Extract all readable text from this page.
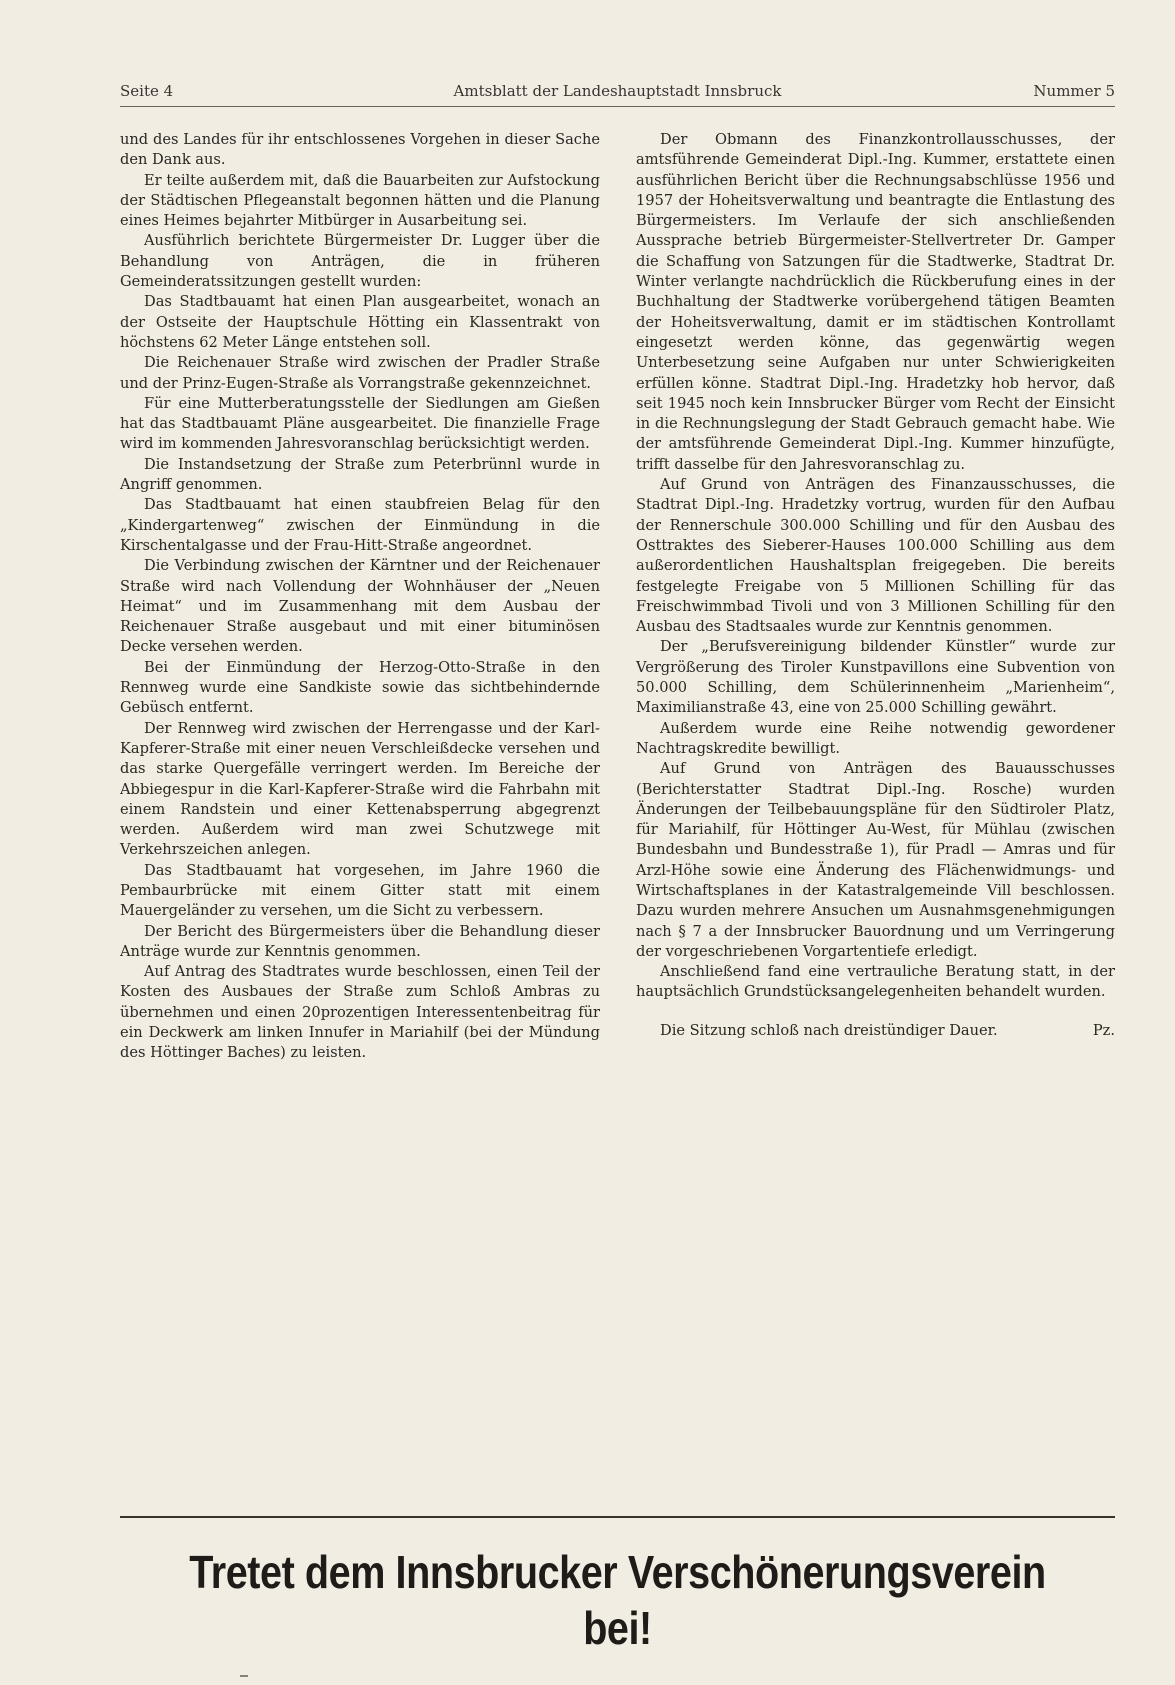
Amtsblatt der Landeshauptstadt Innsbruck
Seite 4	Nummer 5

und des Landes für ihr entschlossenes Vorgehen in dieser Sache den Dank aus.

Er teilte außerdem mit, daß die Bauarbeiten zur Aufstockung der Städtischen Pflegeanstalt begonnen hätten und die Planung eines Heimes bejahrter Mitbürger in Ausarbeitung sei.

Ausführlich berichtete Bürgermeister Dr. Lugger über die Behandlung von Anträgen, die in früheren Gemeinderatssitzungen gestellt wurden:

Das Stadtbauamt hat einen Plan ausgearbeitet, wonach an der Ostseite der Hauptschule Hötting ein Klassentrakt von höchstens 62 Meter Länge entstehen soll.

Die Reichenauer Straße wird zwischen der Pradler Straße und der Prinz-Eugen-Straße als Vorrangstraße gekennzeichnet.

Für eine Mutterberatungsstelle der Siedlungen am Gießen hat das Stadtbauamt Pläne ausgearbeitet. Die finanzielle Frage wird im kommenden Jahresvoranschlag berücksichtigt werden.

Die Instandsetzung der Straße zum Peterbrünnl wurde in Angriff genommen.

Das Stadtbauamt hat einen staubfreien Belag für den „Kindergartenweg“ zwischen der Einmündung in die Kirschentalgasse und der Frau-Hitt-Straße angeordnet.

Die Verbindung zwischen der Kärntner und der Reichenauer Straße wird nach Vollendung der Wohnhäuser der „Neuen Heimat“ und im Zusammenhang mit dem Ausbau der Reichenauer Straße ausgebaut und mit einer bituminösen Decke versehen werden.

Bei der Einmündung der Herzog-Otto-Straße in den Rennweg wurde eine Sandkiste sowie das sichtbehindernde Gebüsch entfernt.

Der Rennweg wird zwischen der Herrengasse und der Karl-Kapferer-Straße mit einer neuen Verschleißdecke versehen und das starke Quergefälle verringert werden. Im Bereiche der Abbiegespur in die Karl-Kapferer-Straße wird die Fahrbahn mit einem Randstein und einer Kettenabsperrung abgegrenzt werden. Außerdem wird man zwei Schutzwege mit Verkehrszeichen anlegen.

Das Stadtbauamt hat vorgesehen, im Jahre 1960 die Pembaurbrücke mit einem Gitter statt mit einem Mauergeländer zu versehen, um die Sicht zu verbessern.

Der Bericht des Bürgermeisters über die Behandlung dieser Anträge wurde zur Kenntnis genommen.

Auf Antrag des Stadtrates wurde beschlossen, einen Teil der Kosten des Ausbaues der Straße zum Schloß Ambras zu übernehmen und einen 20prozentigen Interessentenbeitrag für ein Deckwerk am linken Innufer in Mariahilf (bei der Mündung des Höttinger Baches) zu leisten.

Der Obmann des Finanzkontrollausschusses, der amtsführende Gemeinderat Dipl.-Ing. Kummer, erstattete einen ausführlichen Bericht über die Rechnungsabschlüsse 1956 und 1957 der Hoheitsverwaltung und beantragte die Entlastung des Bürgermeisters. Im Verlaufe der sich anschließenden Aussprache betrieb Bürgermeister-Stellvertreter Dr. Gamper die Schaffung von Satzungen für die Stadtwerke, Stadtrat Dr. Winter verlangte nachdrücklich die Rückberufung eines in der Buchhaltung der Stadtwerke vorübergehend tätigen Beamten der Hoheitsverwaltung, damit er im städtischen Kontrollamt eingesetzt werden könne, das gegenwärtig wegen Unterbesetzung seine Aufgaben nur unter Schwierigkeiten erfüllen könne. Stadtrat Dipl.-Ing. Hradetzky hob hervor, daß seit 1945 noch kein Innsbrucker Bürger vom Recht der Einsicht in die Rechnungslegung der Stadt Gebrauch gemacht habe. Wie der amtsführende Gemeinderat Dipl.-Ing. Kummer hinzufügte, trifft dasselbe für den Jahresvoranschlag zu.

Auf Grund von Anträgen des Finanzausschusses, die Stadtrat Dipl.-Ing. Hradetzky vortrug, wurden für den Aufbau der Rennerschule 300.000 Schilling und für den Ausbau des Osttraktes des Sieberer-Hauses 100.000 Schilling aus dem außerordentlichen Haushaltsplan freigegeben. Die bereits festgelegte Freigabe von 5 Millionen Schilling für das Freischwimmbad Tivoli und von 3 Millionen Schilling für den Ausbau des Stadtsaales wurde zur Kenntnis genommen.

Der „Berufsvereinigung bildender Künstler“ wurde zur Vergrößerung des Tiroler Kunstpavillons eine Subvention von 50.000 Schilling, dem Schülerinnenheim „Marienheim“, Maximilianstraße 43, eine von 25.000 Schilling gewährt.

Außerdem wurde eine Reihe notwendig gewordener Nachtragskredite bewilligt.

Auf Grund von Anträgen des Bauausschusses (Berichterstatter Stadtrat Dipl.-Ing. Rosche) wurden Änderungen der Teilbebauungspläne für den Südtiroler Platz, für Mariahilf, für Höttinger Au-West, für Mühlau (zwischen Bundesbahn und Bundesstraße 1), für Pradl — Amras und für Arzl-Höhe sowie eine Änderung des Flächenwidmungs- und Wirtschaftsplanes in der Katastralgemeinde Vill beschlossen. Dazu wurden mehrere Ansuchen um Ausnahmsgenehmigungen nach § 7 a der Innsbrucker Bauordnung und um Verringerung der vorgeschriebenen Vorgartentiefe erledigt.

Anschließend fand eine vertrauliche Beratung statt, in der hauptsächlich Grundstücksangelegenheiten behandelt wurden.

Die Sitzung schloß nach dreistündiger Dauer.	Pz.
Tretet dem Innsbrucker Verschönerungsverein bei!
